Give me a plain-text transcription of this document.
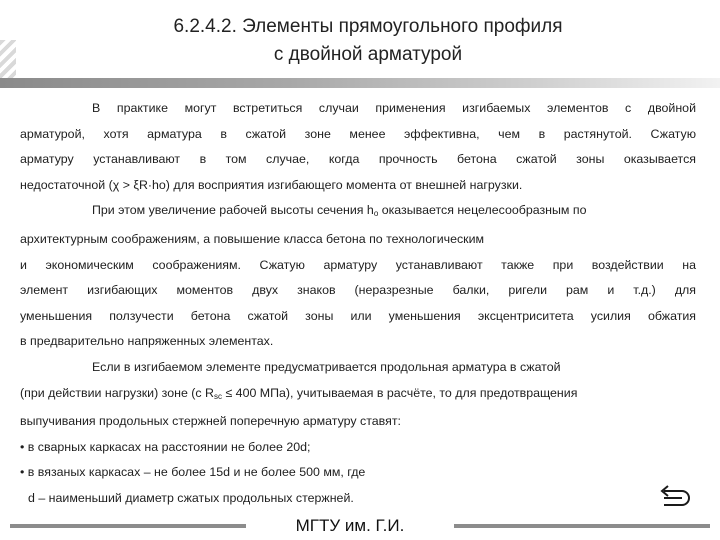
6.2.4.2. Элементы прямоугольного профиля
с двойной арматурой
В практике могут встретиться случаи применения изгибаемых элементов с двойной
арматурой, хотя арматура в сжатой зоне менее эффективна, чем в растянутой. Сжатую
арматуру устанавливают в том случае, когда прочность бетона сжатой зоны оказывается
недостаточной (χ > ξR·ho) для восприятия изгибающего момента от внешней нагрузки.
При этом увеличение рабочей высоты сечения $h_o$ оказывается нецелесообразным по
архитектурным соображениям, а повышение класса бетона по технологическим
и экономическим соображениям. Сжатую арматуру устанавливают также при воздействии на
элемент изгибающих моментов двух знаков (неразрезные балки, ригели рам и т.д.) для
уменьшения ползучести бетона сжатой зоны или уменьшения эксцентриситета усилия обжатия
в предварительно напряженных элементах.
Если в изгибаемом элементе предусматривается продольная арматура в сжатой
(при действии нагрузки) зоне (с $R_{sc} \le 400$ МПа), учитываемая в расчёте, то для предотвращения
выпучивания продольных стержней поперечную арматуру ставят:
• в сварных каркасах на расстоянии не более 20d;
• в вязаных каркасах – не более 15d и не более 500 мм, где
d – наименьший диаметр сжатых продольных стержней.
МГТУ им. Г.И.
